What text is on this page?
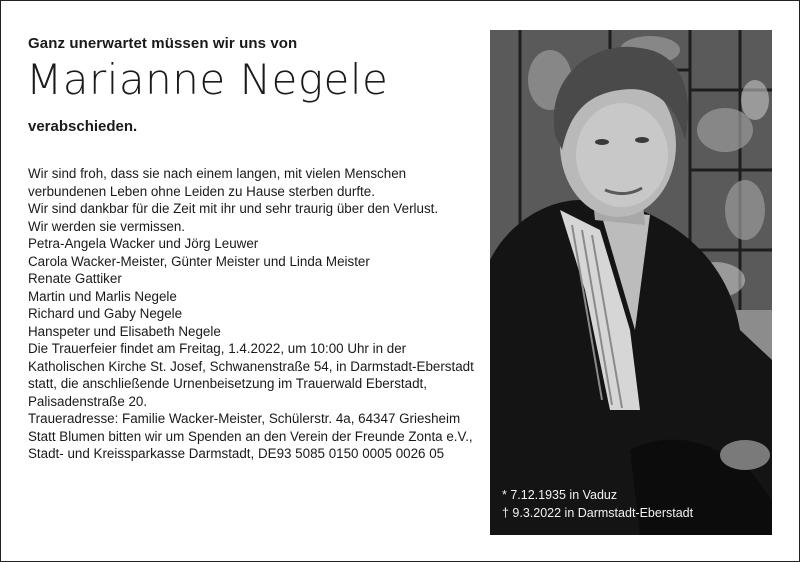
Ganz unerwartet müssen wir uns von
Marianne Negele
verabschieden.

Wir sind froh, dass sie nach einem langen, mit vielen Menschen
verbundenen Leben ohne Leiden zu Hause sterben durfte.
Wir sind dankbar für die Zeit mit ihr und sehr traurig über den Verlust.
Wir werden sie vermissen.

Petra-Angela Wacker und Jörg Leuwer
Carola Wacker-Meister, Günter Meister und Linda Meister
Renate Gattiker
Martin und Marlis Negele
Richard und Gaby Negele
Hanspeter und Elisabeth Negele

Die Trauerfeier findet am Freitag, 1.4.2022, um 10:00 Uhr in der
Katholischen Kirche St. Josef, Schwanenstraße 54, in Darmstadt-Eberstadt
statt, die anschließende Urnenbeisetzung im Trauerwald Eberstadt,
Palisadenstraße 20.

Traueradresse: Familie Wacker-Meister, Schülerstr. 4a, 64347 Griesheim

Statt Blumen bitten wir um Spenden an den Verein der Freunde Zonta e.V.,
Stadt- und Kreissparkasse Darmstadt, DE93 5085 0150 0005 0026 05

* 7.12.1935 in Vaduz
† 9.3.2022 in Darmstadt-Eberstadt
